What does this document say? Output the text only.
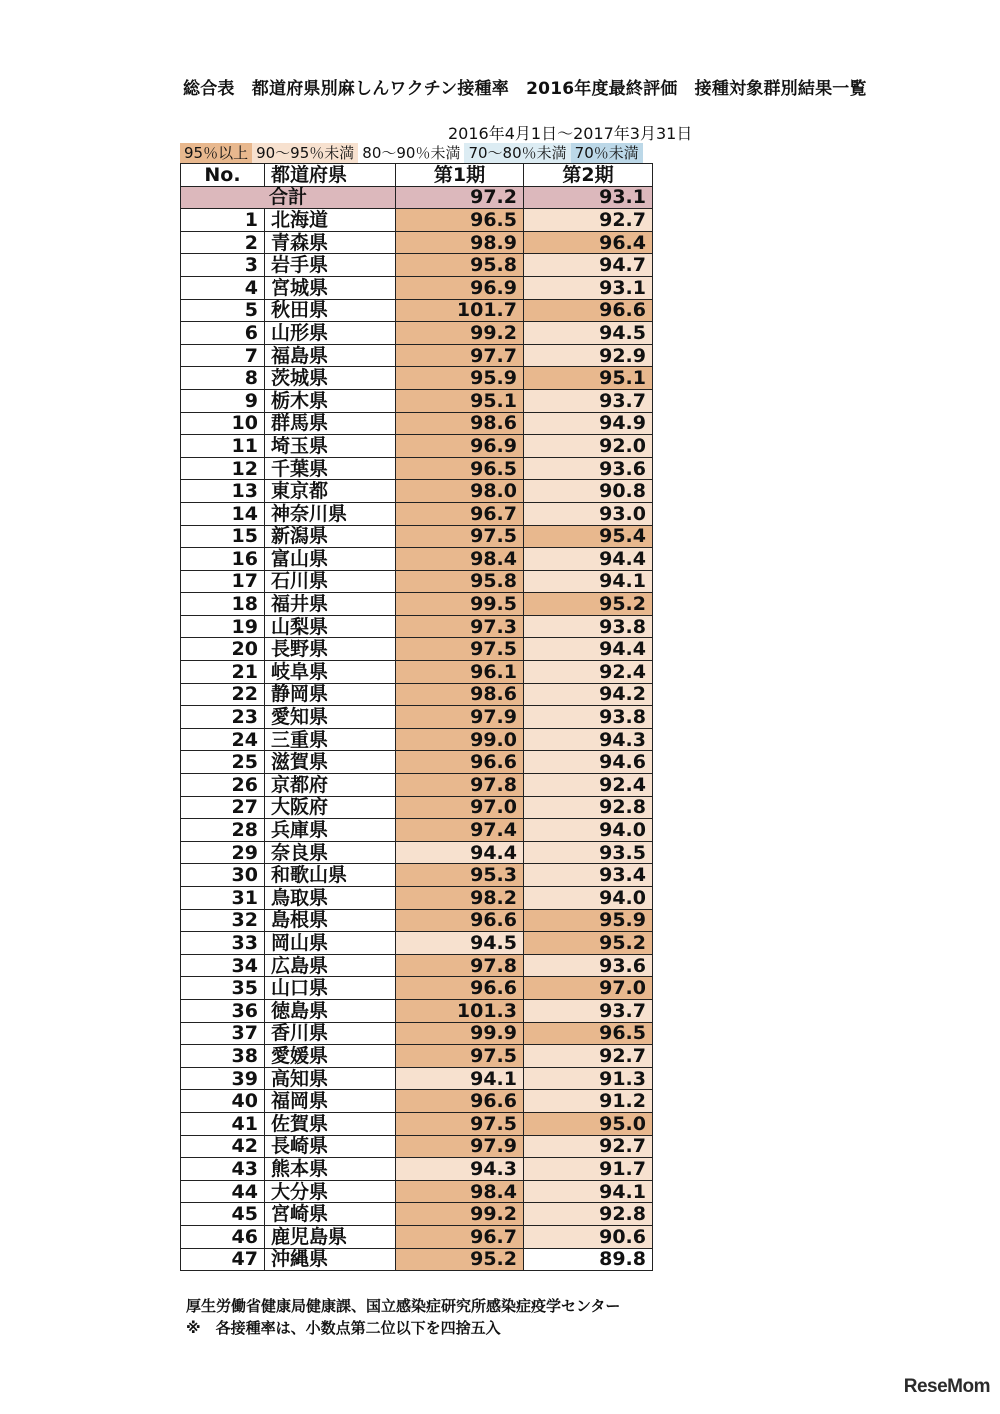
総合表　都道府県別麻しんワクチン接種率　2016年度最終評価　接種対象群別結果一覧
2016年4月1日～2017年3月31日
95％以上 90～95％未満 80～90％未満 70～80％未満 70％未満
No.	都道府県	第1期	第2期
合計		97.2	93.1
1	北海道	96.5	92.7
2	青森県	98.9	96.4
3	岩手県	95.8	94.7
4	宮城県	96.9	93.1
5	秋田県	101.7	96.6
6	山形県	99.2	94.5
7	福島県	97.7	92.9
8	茨城県	95.9	95.1
9	栃木県	95.1	93.7
10	群馬県	98.6	94.9
11	埼玉県	96.9	92.0
12	千葉県	96.5	93.6
13	東京都	98.0	90.8
14	神奈川県	96.7	93.0
15	新潟県	97.5	95.4
16	富山県	98.4	94.4
17	石川県	95.8	94.1
18	福井県	99.5	95.2
19	山梨県	97.3	93.8
20	長野県	97.5	94.4
21	岐阜県	96.1	92.4
22	静岡県	98.6	94.2
23	愛知県	97.9	93.8
24	三重県	99.0	94.3
25	滋賀県	96.6	94.6
26	京都府	97.8	92.4
27	大阪府	97.0	92.8
28	兵庫県	97.4	94.0
29	奈良県	94.4	93.5
30	和歌山県	95.3	93.4
31	鳥取県	98.2	94.0
32	島根県	96.6	95.9
33	岡山県	94.5	95.2
34	広島県	97.8	93.6
35	山口県	96.6	97.0
36	徳島県	101.3	93.7
37	香川県	99.9	96.5
38	愛媛県	97.5	92.7
39	高知県	94.1	91.3
40	福岡県	96.6	91.2
41	佐賀県	97.5	95.0
42	長崎県	97.9	92.7
43	熊本県	94.3	91.7
44	大分県	98.4	94.1
45	宮崎県	99.2	92.8
46	鹿児島県	96.7	90.6
47	沖縄県	95.2	89.8
厚生労働省健康局健康課、国立感染症研究所感染症疫学センター
※　各接種率は、小数点第二位以下を四捨五入
ReseMom
